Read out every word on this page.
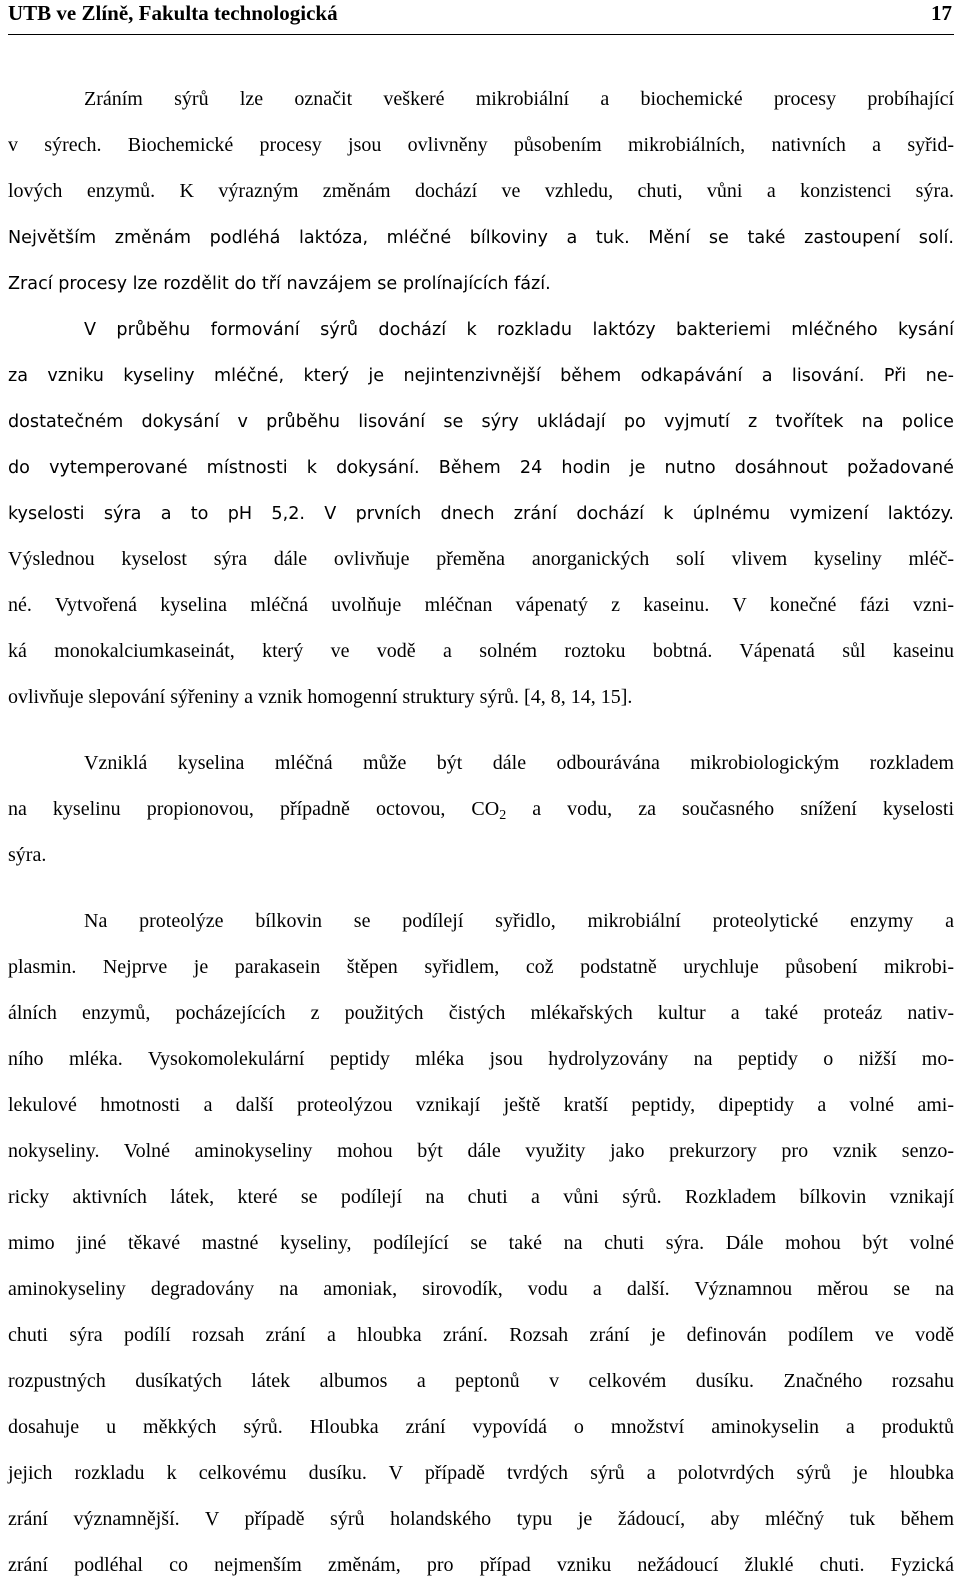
UTB ve Zlíně, Fakulta technologická	17
Zráním sýrů lze označit veškeré mikrobiální a biochemické procesy probíhající
v sýrech. Biochemické procesy jsou ovlivněny působením mikrobiálních, nativních a syřid-
lových enzymů. K výrazným změnám dochází ve vzhledu, chuti, vůni a konzistenci sýra.
Největším změnám podléhá laktóza, mléčné bílkoviny a tuk. Mění se také zastoupení solí.
Zrací procesy lze rozdělit do tří navzájem se prolínajících fází.
V průběhu formování sýrů dochází k rozkladu laktózy bakteriemi mléčného kysání
za vzniku kyseliny mléčné, který je nejintenzivnější během odkapávání a lisování. Při ne-
dostatečném dokysání v průběhu lisování se sýry ukládají po vyjmutí z tvořítek na police
do vytemperované místnosti k dokysání. Během 24 hodin je nutno dosáhnout požadované
kyselosti sýra a to pH 5,2. V prvních dnech zrání dochází k úplnému vymizení laktózy.
Výslednou kyselost sýra dále ovlivňuje přeměna anorganických solí vlivem kyseliny mléč-
né. Vytvořená kyselina mléčná uvolňuje mléčnan vápenatý z kaseinu. V konečné fázi vzni-
ká monokalciumkaseinát, který ve vodě a solném roztoku bobtná. Vápenatá sůl kaseinu
ovlivňuje slepování sýřeniny a vznik homogenní struktury sýrů. [4, 8, 14, 15].
Vzniklá kyselina mléčná může být dále odbourávána mikrobiologickým rozkladem
na kyselinu propionovou, případně octovou, $CO_2$ a vodu, za současného snížení kyselosti
sýra.
Na proteolýze bílkovin se podílejí syřidlo, mikrobiální proteolytické enzymy a
plasmin. Nejprve je parakasein štěpen syřidlem, což podstatně urychluje působení mikrobi-
álních enzymů, pocházejících z použitých čistých mlékařských kultur a také proteáz nativ-
ního mléka. Vysokomolekulární peptidy mléka jsou hydrolyzovány na peptidy o nižší mo-
lekulové hmotnosti a další proteolýzou vznikají ještě kratší peptidy, dipeptidy a volné ami-
nokyseliny. Volné aminokyseliny mohou být dále využity jako prekurzory pro vznik senzo-
ricky aktivních látek, které se podílejí na chuti a vůni sýrů. Rozkladem bílkovin vznikají
mimo jiné těkavé mastné kyseliny, podílející se také na chuti sýra. Dále mohou být volné
aminokyseliny degradovány na amoniak, sirovodík, vodu a další. Významnou měrou se na
chuti sýra podílí rozsah zrání a hloubka zrání. Rozsah zrání je definován podílem ve vodě
rozpustných dusíkatých látek albumos a peptonů v celkovém dusíku. Značného rozsahu
dosahuje u měkkých sýrů. Hloubka zrání vypovídá o množství aminokyselin a produktů
jejich rozkladu k celkovému dusíku. V případě tvrdých sýrů a polotvrdých sýrů je hloubka
zrání významnější. V případě sýrů holandského typu je žádoucí, aby mléčný tuk během
zrání podléhal co nejmenším změnám, pro případ vzniku nežádoucí žluklé chuti. Fyzická
